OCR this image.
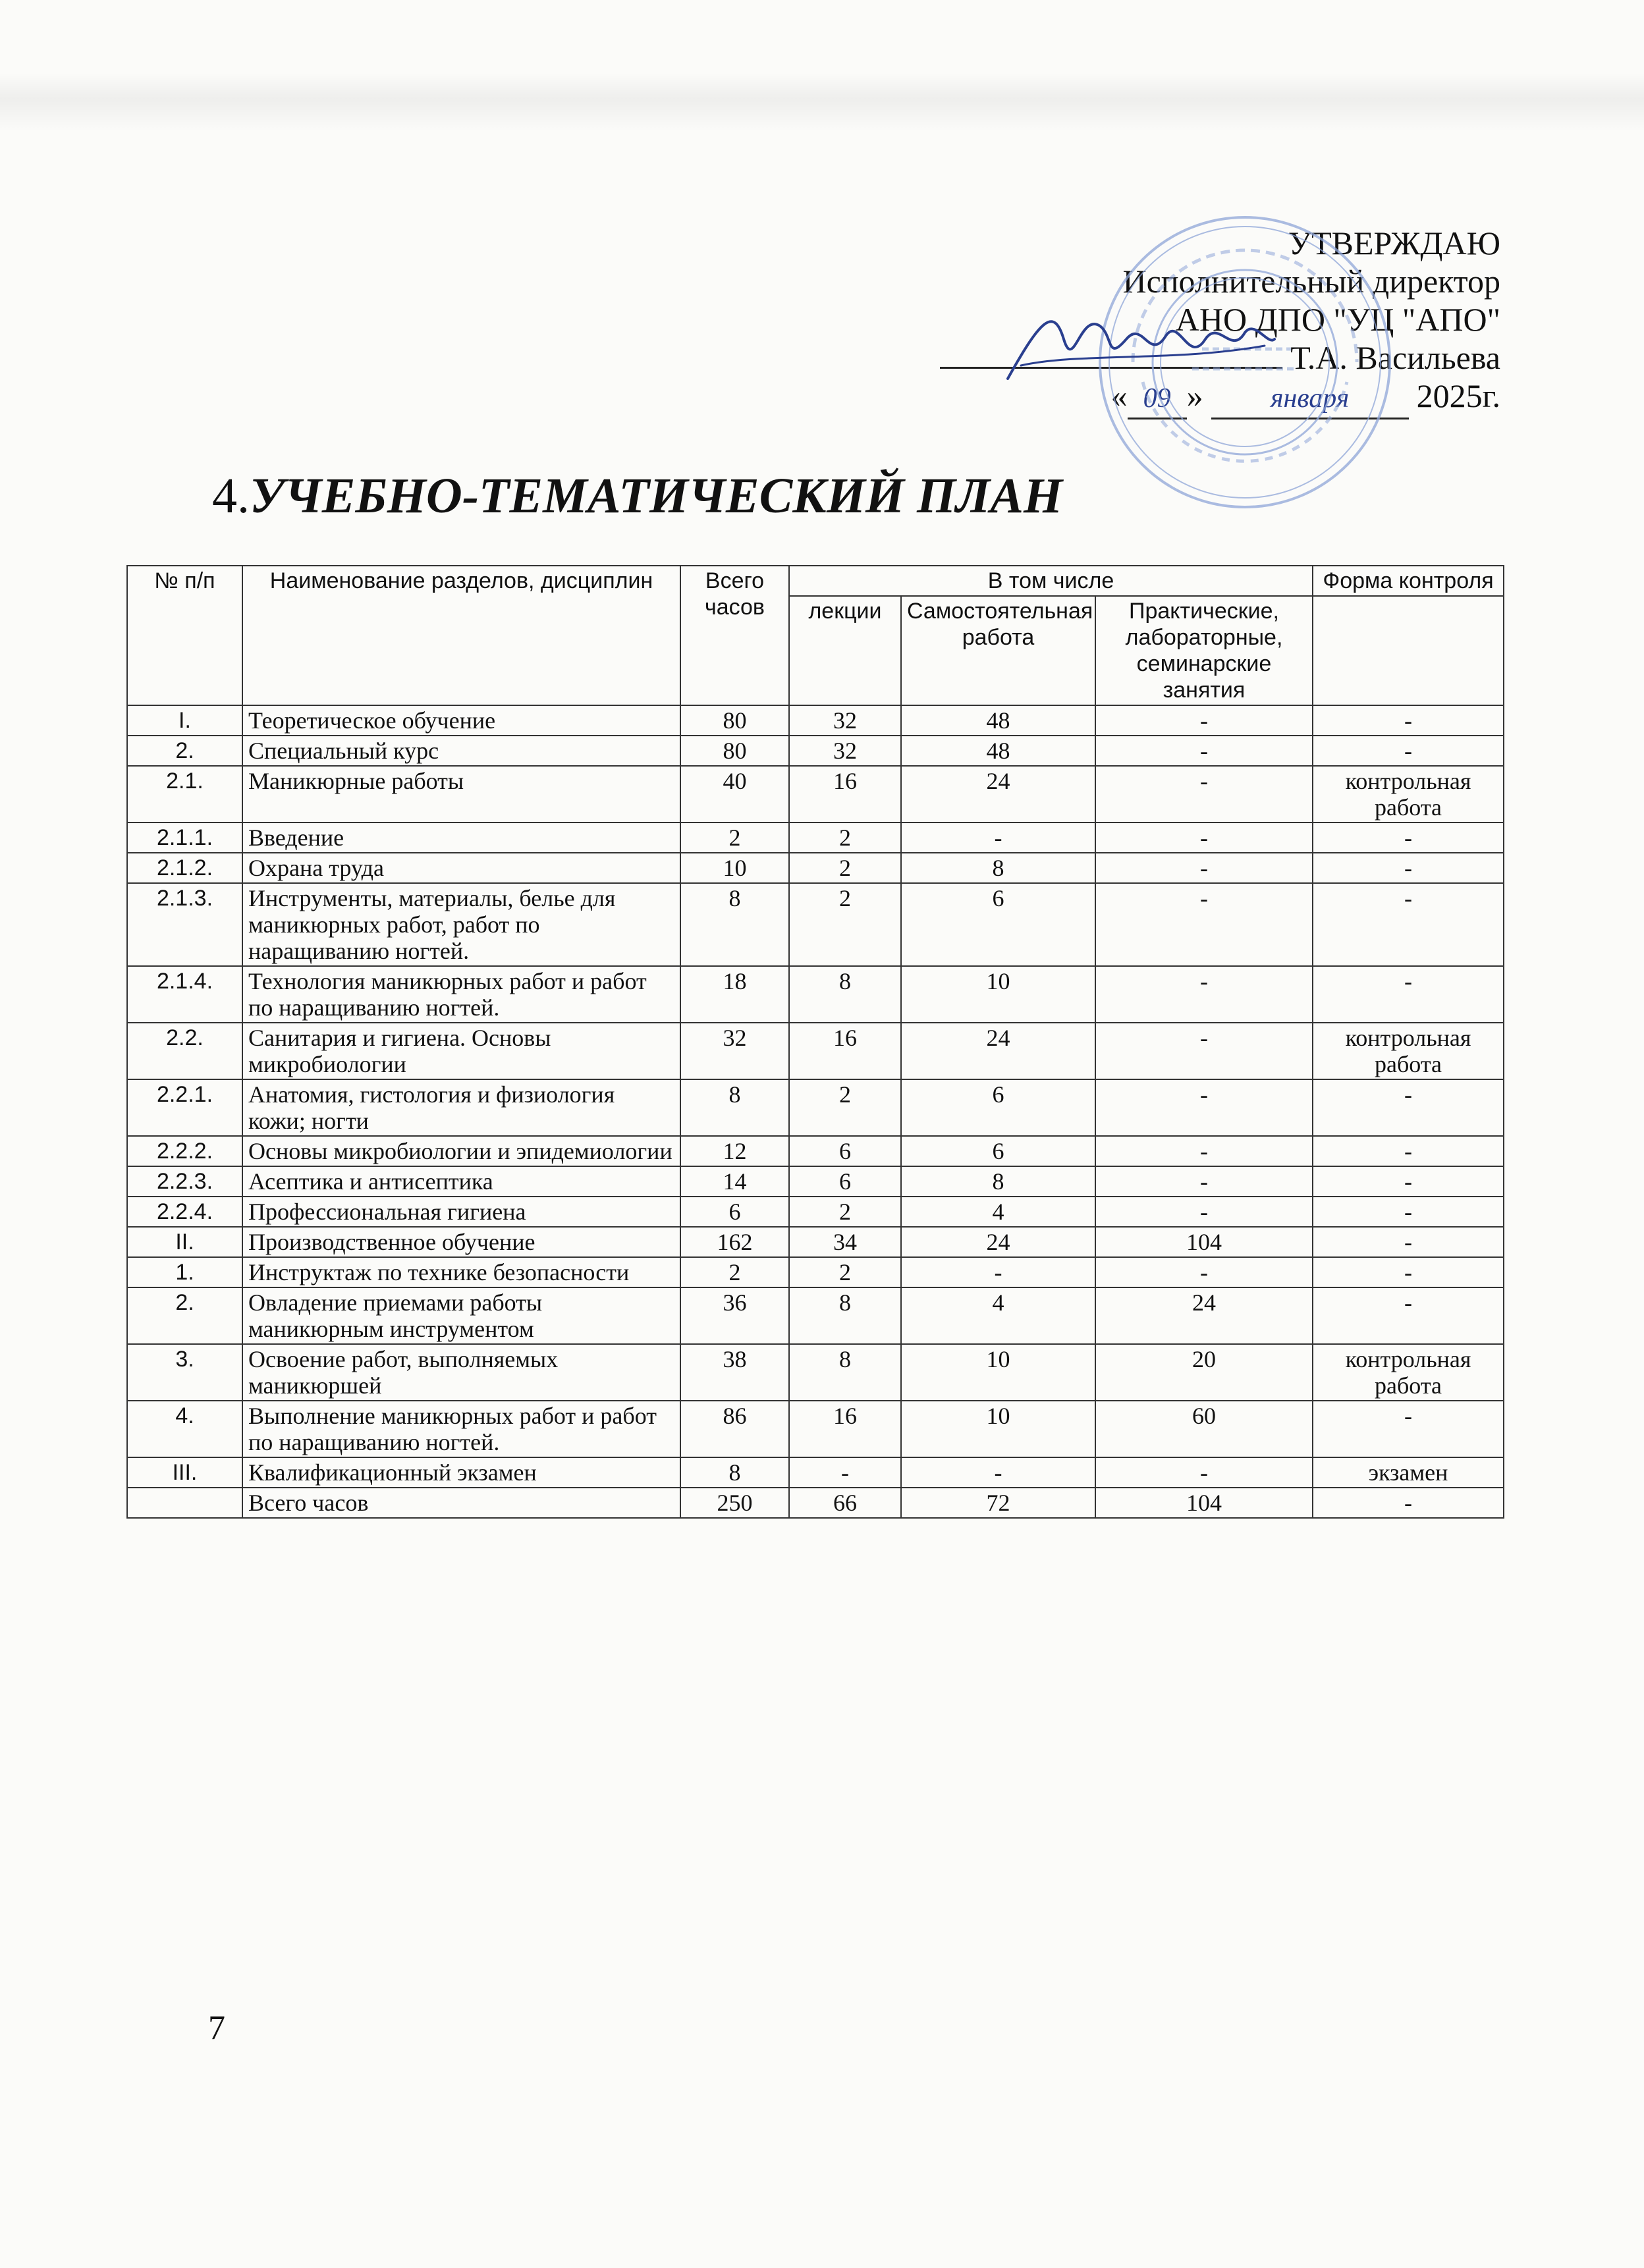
УТВЕРЖДАЮ
Исполнительный директор
АНО ДПО "УЦ "АПО"
Т.А. Васильева
« 09 » января 2025г.
4.УЧЕБНО-ТЕМАТИЧЕСКИЙ ПЛАН
№ п/п	Наименование разделов, дисциплин	Всего часов	В том числе			Форма контроля
			лекции	Самостоятельная работа	Практические, лабораторные, семинарские занятия	
I.	Теоретическое обучение	80	32	48	-	-
2.	Специальный курс	80	32	48	-	-
2.1.	Маникюрные работы	40	16	24	-	контрольная работа
2.1.1.	Введение	2	2	-	-	-
2.1.2.	Охрана труда	10	2	8	-	-
2.1.3.	Инструменты, материалы, белье для маникюрных работ, работ по наращиванию ногтей.	8	2	6	-	-
2.1.4.	Технология маникюрных работ и работ по наращиванию ногтей.	18	8	10	-	-
2.2.	Санитария и гигиена. Основы микробиологии	32	16	24	-	контрольная работа
2.2.1.	Анатомия, гистология и физиология кожи; ногти	8	2	6	-	-
2.2.2.	Основы микробиологии и эпидемиологии	12	6	6	-	-
2.2.3.	Асептика и антисептика	14	6	8	-	-
2.2.4.	Профессиональная гигиена	6	2	4	-	-
II.	Производственное обучение	162	34	24	104	-
1.	Инструктаж по технике безопасности	2	2	-	-	-
2.	Овладение приемами работы маникюрным инструментом	36	8	4	24	-
3.	Освоение работ, выполняемых маникюршей	38	8	10	20	контрольная работа
4.	Выполнение маникюрных работ и работ по наращиванию ногтей.	86	16	10	60	-
III.	Квалификационный экзамен	8	-	-	-	экзамен
	Всего часов	250	66	72	104	-
7
